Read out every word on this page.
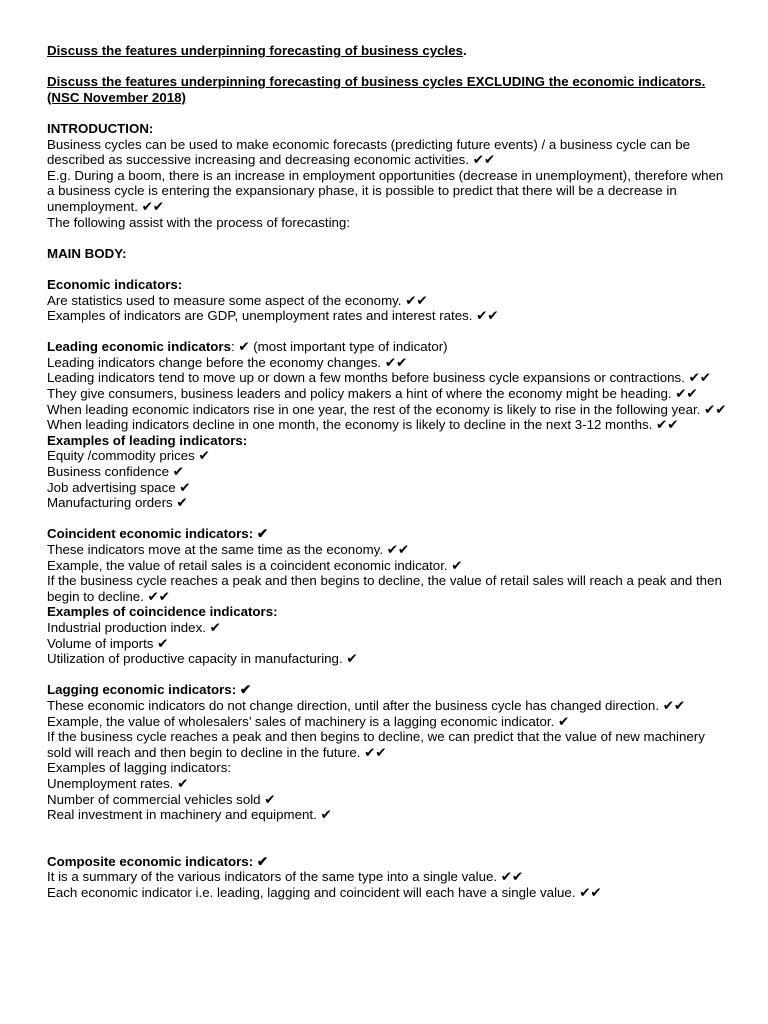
Discuss the features underpinning forecasting of business cycles.
Discuss the features underpinning forecasting of business cycles EXCLUDING the economic indicators. (NSC November 2018)
INTRODUCTION:
Business cycles can be used to make economic forecasts (predicting future events) / a business cycle can be described as successive increasing and decreasing economic activities. ✔✔
E.g. During a boom, there is an increase in employment opportunities (decrease in unemployment), therefore when a business cycle is entering the expansionary phase, it is possible to predict that there will be a decrease in unemployment. ✔✔
The following assist with the process of forecasting:
MAIN BODY:
Economic indicators:
Are statistics used to measure some aspect of the economy. ✔✔
Examples of indicators are GDP, unemployment rates and interest rates. ✔✔
Leading economic indicators: ✔ (most important type of indicator)
Leading indicators change before the economy changes. ✔✔
Leading indicators tend to move up or down a few months before business cycle expansions or contractions. ✔✔
They give consumers, business leaders and policy makers a hint of where the economy might be heading. ✔✔
When leading economic indicators rise in one year, the rest of the economy is likely to rise in the following year. ✔✔
When leading indicators decline in one month, the economy is likely to decline in the next 3-12 months. ✔✔
Examples of leading indicators:
Equity /commodity prices ✔
Business confidence ✔
Job advertising space ✔
Manufacturing orders ✔
Coincident economic indicators: ✔
These indicators move at the same time as the economy. ✔✔
Example, the value of retail sales is a coincident economic indicator. ✔
If the business cycle reaches a peak and then begins to decline, the value of retail sales will reach a peak and then begin to decline. ✔✔
Examples of coincidence indicators:
Industrial production index. ✔
Volume of imports ✔
Utilization of productive capacity in manufacturing. ✔
Lagging economic indicators: ✔
These economic indicators do not change direction, until after the business cycle has changed direction. ✔✔
Example, the value of wholesalers’ sales of machinery is a lagging economic indicator. ✔
If the business cycle reaches a peak and then begins to decline, we can predict that the value of new machinery sold will reach and then begin to decline in the future. ✔✔
Examples of lagging indicators:
Unemployment rates. ✔
Number of commercial vehicles sold ✔
Real investment in machinery and equipment. ✔
Composite economic indicators: ✔
It is a summary of the various indicators of the same type into a single value. ✔✔
Each economic indicator i.e. leading, lagging and coincident will each have a single value. ✔✔
